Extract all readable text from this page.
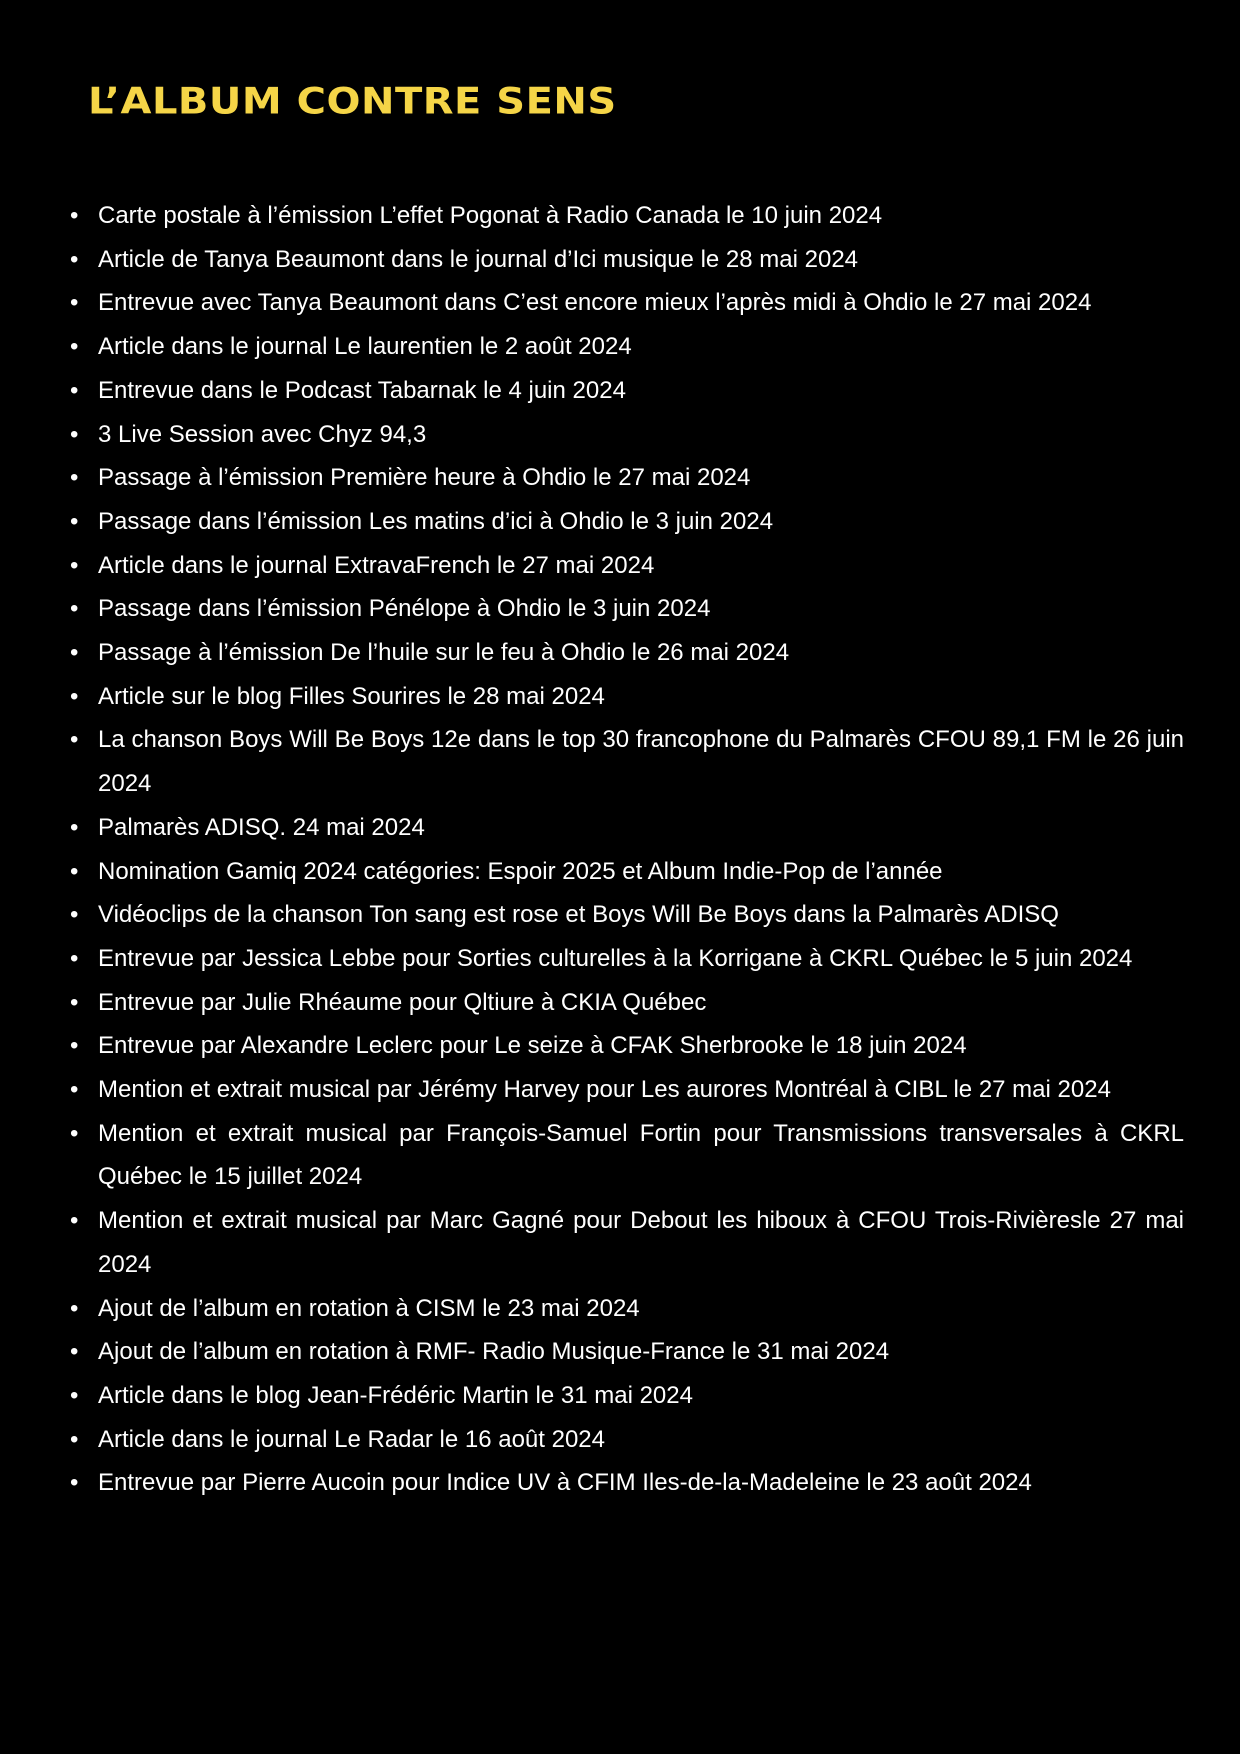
L’ALBUM CONTRE SENS
• Carte postale à l’émission L’effet Pogonat à Radio Canada le 10 juin 2024
• Article de Tanya Beaumont dans le journal d’Ici musique le 28 mai 2024
• Entrevue avec Tanya Beaumont dans C’est encore mieux l’après midi à Ohdio le 27 mai 2024
• Article dans le journal Le laurentien le 2 août 2024
• Entrevue dans le Podcast Tabarnak le 4 juin 2024
• 3 Live Session avec Chyz 94,3
• Passage à l’émission Première heure à Ohdio le 27 mai 2024
• Passage dans l’émission Les matins d’ici à Ohdio le 3 juin 2024
• Article dans le journal ExtravaFrench le 27 mai 2024
• Passage dans l’émission Pénélope à Ohdio le 3 juin 2024
• Passage à l’émission De l’huile sur le feu à Ohdio le 26 mai 2024
• Article sur le blog Filles Sourires le 28 mai 2024
• La chanson Boys Will Be Boys 12e dans le top 30 francophone du Palmarès CFOU 89,1 FM le 26 juin 2024
• Palmarès ADISQ. 24 mai 2024
• Nomination Gamiq 2024 catégories: Espoir 2025 et Album Indie-Pop de l’année
• Vidéoclips de la chanson Ton sang est rose et Boys Will Be Boys dans la Palmarès ADISQ
• Entrevue par Jessica Lebbe pour Sorties culturelles à la Korrigane à CKRL Québec le 5 juin 2024
• Entrevue par Julie Rhéaume pour Qltiure à CKIA Québec
• Entrevue par Alexandre Leclerc pour Le seize à CFAK Sherbrooke le 18 juin 2024
• Mention et extrait musical par Jérémy Harvey pour Les aurores Montréal à CIBL le 27 mai 2024
• Mention et extrait musical par François-Samuel Fortin pour Transmissions transversales à CKRL Québec le 15 juillet 2024
• Mention et extrait musical par Marc Gagné pour Debout les hiboux à CFOU Trois-Rivièresle 27 mai 2024
• Ajout de l’album en rotation à CISM le 23 mai 2024
• Ajout de l’album en rotation à RMF- Radio Musique-France le 31 mai 2024
• Article dans le blog Jean-Frédéric Martin le 31 mai 2024
• Article dans le journal Le Radar le 16 août 2024
• Entrevue par Pierre Aucoin pour Indice UV à CFIM Iles-de-la-Madeleine le 23 août 2024
